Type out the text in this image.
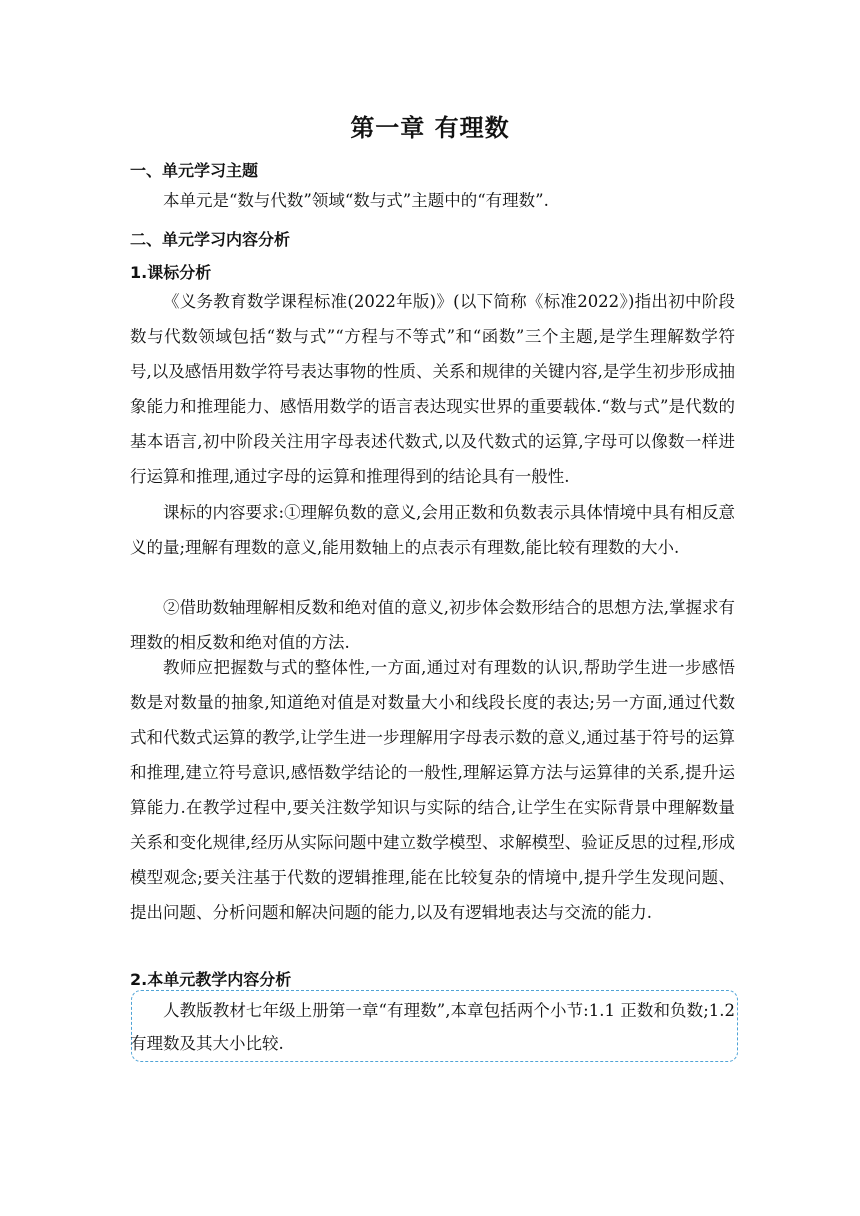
第一章 有理数
一、单元学习主题
本单元是“数与代数”领域“数与式”主题中的“有理数”.
二、单元学习内容分析
1.课标分析
《义务教育数学课程标准(2022年版)》(以下简称《标准2022》)指出初中阶段数与代数领域包括“数与式”“方程与不等式”和“函数”三个主题,是学生理解数学符号,以及感悟用数学符号表达事物的性质、关系和规律的关键内容,是学生初步形成抽象能力和推理能力、感悟用数学的语言表达现实世界的重要载体.“数与式”是代数的基本语言,初中阶段关注用字母表述代数式,以及代数式的运算,字母可以像数一样进行运算和推理,通过字母的运算和推理得到的结论具有一般性.
课标的内容要求:①理解负数的意义,会用正数和负数表示具体情境中具有相反意义的量;理解有理数的意义,能用数轴上的点表示有理数,能比较有理数的大小.
②借助数轴理解相反数和绝对值的意义,初步体会数形结合的思想方法,掌握求有理数的相反数和绝对值的方法.
教师应把握数与式的整体性,一方面,通过对有理数的认识,帮助学生进一步感悟数是对数量的抽象,知道绝对值是对数量大小和线段长度的表达;另一方面,通过代数式和代数式运算的教学,让学生进一步理解用字母表示数的意义,通过基于符号的运算和推理,建立符号意识,感悟数学结论的一般性,理解运算方法与运算律的关系,提升运算能力.在教学过程中,要关注数学知识与实际的结合,让学生在实际背景中理解数量关系和变化规律,经历从实际问题中建立数学模型、求解模型、验证反思的过程,形成模型观念;要关注基于代数的逻辑推理,能在比较复杂的情境中,提升学生发现问题、提出问题、分析问题和解决问题的能力,以及有逻辑地表达与交流的能力.
2.本单元教学内容分析
人教版教材七年级上册第一章“有理数”,本章包括两个小节:1.1 正数和负数;1.2 有理数及其大小比较.
